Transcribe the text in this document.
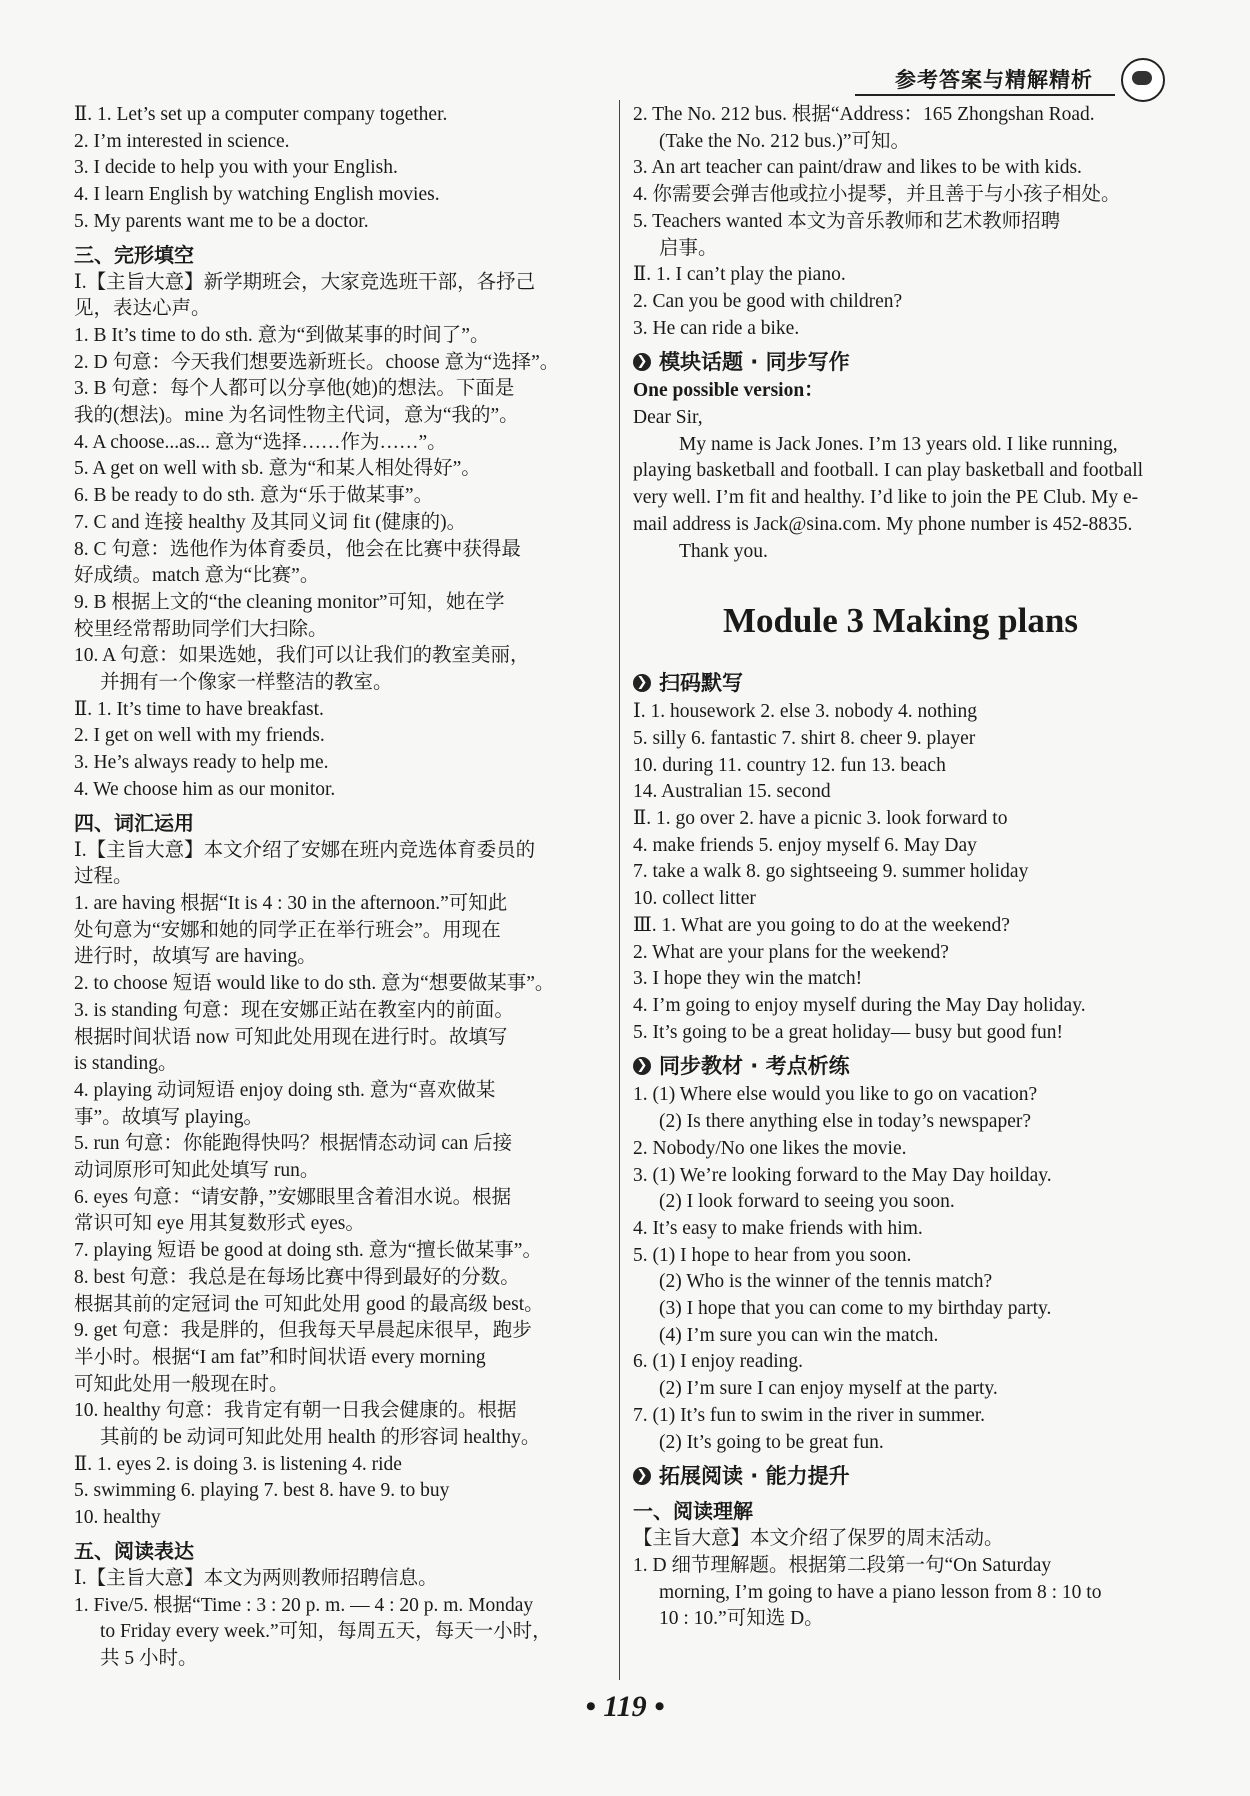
参考答案与精解精析
Ⅱ. 1. Let’s set up a computer company together.
2. I’m interested in science.
3. I decide to help you with your English.
4. I learn English by watching English movies.
5. My parents want me to be a doctor.
三、完形填空
Ⅰ.【主旨大意】新学期班会，大家竞选班干部，各抒己
见，表达心声。
1. B It’s time to do sth. 意为“到做某事的时间了”。
2. D 句意：今天我们想要选新班长。choose 意为“选择”。
3. B 句意：每个人都可以分享他(她)的想法。下面是
我的(想法)。mine 为名词性物主代词，意为“我的”。
4. A choose...as... 意为“选择……作为……”。
5. A get on well with sb. 意为“和某人相处得好”。
6. B be ready to do sth. 意为“乐于做某事”。
7. C and 连接 healthy 及其同义词 fit (健康的)。
8. C 句意：选他作为体育委员，他会在比赛中获得最
好成绩。match 意为“比赛”。
9. B 根据上文的“the cleaning monitor”可知，她在学
校里经常帮助同学们大扫除。
10. A 句意：如果选她，我们可以让我们的教室美丽，
并拥有一个像家一样整洁的教室。
Ⅱ. 1. It’s time to have breakfast.
2. I get on well with my friends.
3. He’s always ready to help me.
4. We choose him as our monitor.
四、词汇运用
Ⅰ.【主旨大意】本文介绍了安娜在班内竞选体育委员的
过程。
1. are having 根据“It is 4 : 30 in the afternoon.”可知此
处句意为“安娜和她的同学正在举行班会”。用现在
进行时，故填写 are having。
2. to choose 短语 would like to do sth. 意为“想要做某事”。
3. is standing 句意：现在安娜正站在教室内的前面。
根据时间状语 now 可知此处用现在进行时。故填写
is standing。
4. playing 动词短语 enjoy doing sth. 意为“喜欢做某
事”。故填写 playing。
5. run 句意：你能跑得快吗？根据情态动词 can 后接
动词原形可知此处填写 run。
6. eyes 句意：“请安静，”安娜眼里含着泪水说。根据
常识可知 eye 用其复数形式 eyes。
7. playing 短语 be good at doing sth. 意为“擅长做某事”。
8. best 句意：我总是在每场比赛中得到最好的分数。
根据其前的定冠词 the 可知此处用 good 的最高级 best。
9. get 句意：我是胖的，但我每天早晨起床很早，跑步
半小时。根据“I am fat”和时间状语 every morning
可知此处用一般现在时。
10. healthy 句意：我肯定有朝一日我会健康的。根据
其前的 be 动词可知此处用 health 的形容词 healthy。
Ⅱ. 1. eyes 2. is doing 3. is listening 4. ride
5. swimming 6. playing 7. best 8. have 9. to buy
10. healthy
五、阅读表达
Ⅰ.【主旨大意】本文为两则教师招聘信息。
1. Five/5. 根据“Time : 3 : 20 p. m. — 4 : 20 p. m. Monday
to Friday every week.”可知，每周五天，每天一小时，
共 5 小时。
2. The No. 212 bus. 根据“Address：165 Zhongshan Road.
(Take the No. 212 bus.)”可知。
3. An art teacher can paint/draw and likes to be with kids.
4. 你需要会弹吉他或拉小提琴，并且善于与小孩子相处。
5. Teachers wanted 本文为音乐教师和艺术教师招聘
启事。
Ⅱ. 1. I can’t play the piano.
2. Can you be good with children?
3. He can ride a bike.
❯ 模块话题 · 同步写作
One possible version：
Dear Sir,
My name is Jack Jones. I’m 13 years old. I like running, playing basketball and football. I can play basketball and football very well. I’m fit and healthy. I’d like to join the PE Club. My e-mail address is Jack@sina.com. My phone number is 452-8835.
Thank you.
Module 3 Making plans
❯ 扫码默写
Ⅰ. 1. housework 2. else 3. nobody 4. nothing
5. silly 6. fantastic 7. shirt 8. cheer 9. player
10. during 11. country 12. fun 13. beach
14. Australian 15. second
Ⅱ. 1. go over 2. have a picnic 3. look forward to
4. make friends 5. enjoy myself 6. May Day
7. take a walk 8. go sightseeing 9. summer holiday
10. collect litter
Ⅲ. 1. What are you going to do at the weekend?
2. What are your plans for the weekend?
3. I hope they win the match!
4. I’m going to enjoy myself during the May Day holiday.
5. It’s going to be a great holiday— busy but good fun!
❯ 同步教材 · 考点析练
1. (1) Where else would you like to go on vacation?
(2) Is there anything else in today’s newspaper?
2. Nobody/No one likes the movie.
3. (1) We’re looking forward to the May Day hoilday.
(2) I look forward to seeing you soon.
4. It’s easy to make friends with him.
5. (1) I hope to hear from you soon.
(2) Who is the winner of the tennis match?
(3) I hope that you can come to my birthday party.
(4) I’m sure you can win the match.
6. (1) I enjoy reading.
(2) I’m sure I can enjoy myself at the party.
7. (1) It’s fun to swim in the river in summer.
(2) It’s going to be great fun.
❯ 拓展阅读 · 能力提升
一、阅读理解
【主旨大意】本文介绍了保罗的周末活动。
1. D 细节理解题。根据第二段第一句“On Saturday
morning, I’m going to have a piano lesson from 8 : 10 to
10 : 10.”可知选 D。
• 119 •
